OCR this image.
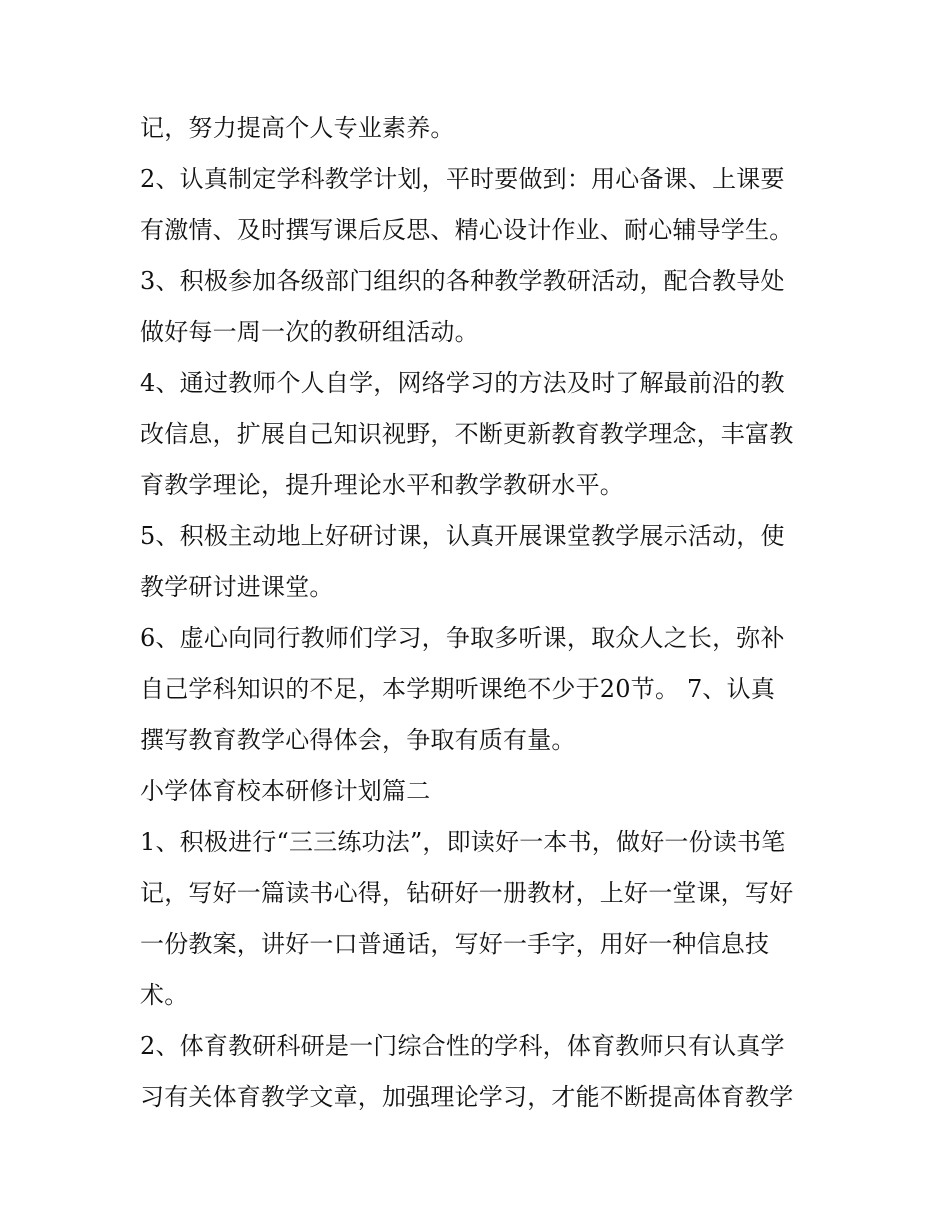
记，努力提高个人专业素养。
2、认真制定学科教学计划，平时要做到：用心备课、上课要
有激情、及时撰写课后反思、精心设计作业、耐心辅导学生。
3、积极参加各级部门组织的各种教学教研活动，配合教导处
做好每一周一次的教研组活动。
4、通过教师个人自学，网络学习的方法及时了解最前沿的教
改信息，扩展自己知识视野，不断更新教育教学理念，丰富教
育教学理论，提升理论水平和教学教研水平。
5、积极主动地上好研讨课，认真开展课堂教学展示活动，使
教学研讨进课堂。
6、虚心向同行教师们学习，争取多听课，取众人之长，弥补
自己学科知识的不足，本学期听课绝不少于20节。 7、认真
撰写教育教学心得体会，争取有质有量。
小学体育校本研修计划篇二
1、积极进行“三三练功法”，即读好一本书，做好一份读书笔
记，写好一篇读书心得，钻研好一册教材，上好一堂课，写好
一份教案，讲好一口普通话，写好一手字，用好一种信息技
术。
2、体育教研科研是一门综合性的学科，体育教师只有认真学
习有关体育教学文章，加强理论学习，才能不断提高体育教学
